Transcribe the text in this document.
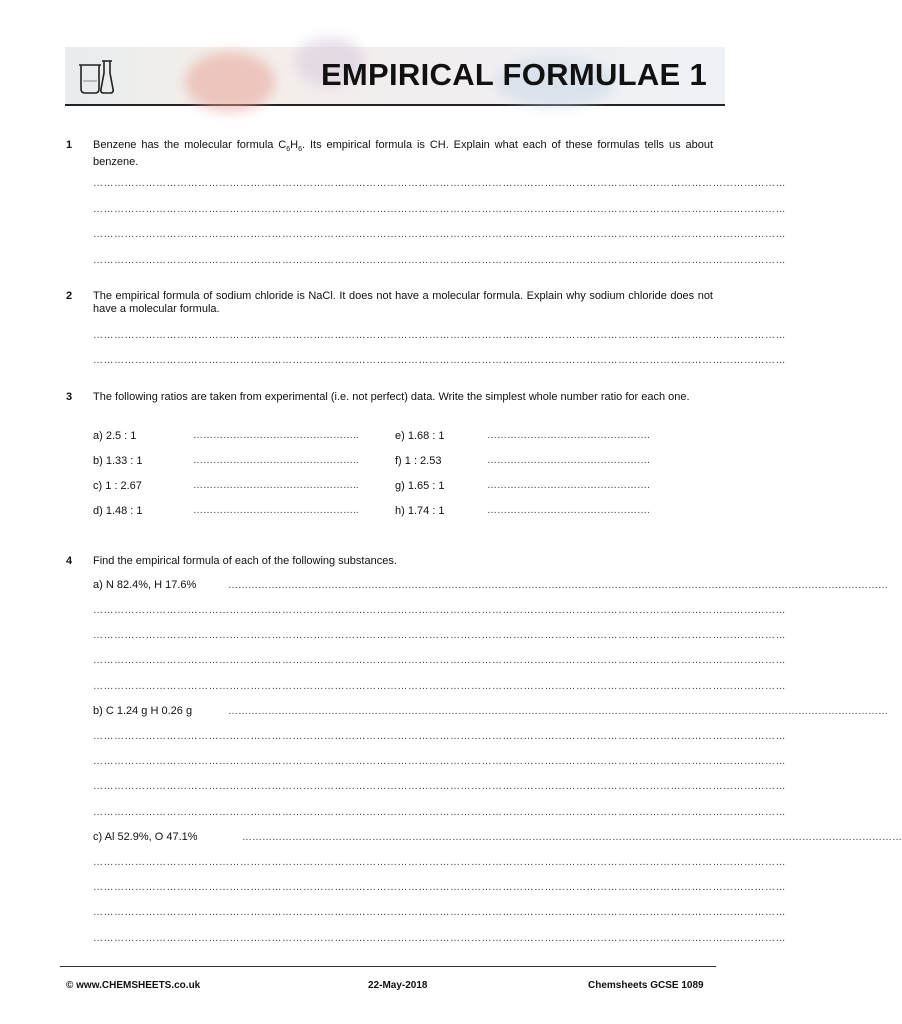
EMPIRICAL FORMULAE 1
1 Benzene has the molecular formula $C_6H_6$. Its empirical formula is CH. Explain what each of these formulas tells us about benzene.
………………………………………………………………………………………………………………………………………………………………………………
………………………………………………………………………………………………………………………………………………………………………………
………………………………………………………………………………………………………………………………………………………………………………
………………………………………………………………………………………………………………………………………………………………………………
2 The empirical formula of sodium chloride is NaCl. It does not have a molecular formula. Explain why sodium chloride does not have a molecular formula.
………………………………………………………………………………………………………………………………………………………………………………
………………………………………………………………………………………………………………………………………………………………………………
3 The following ratios are taken from experimental (i.e. not perfect) data. Write the simplest whole number ratio for each one.
a) 2.5 : 1	…………………………………………..	e) 1.68 : 1	………………………………………….
b) 1.33 : 1	…………………………………………..	f) 1 : 2.53	………………………………………….
c) 1 : 2.67	…………………………………………..	g) 1.65 : 1	………………………………………….
d) 1.48 : 1	…………………………………………..	h) 1.74 : 1	………………………………………….
4 Find the empirical formula of each of the following substances.
a) N 82.4%, H 17.6%	………………………………………………………………………………………………………………………………………………………………………………
………………………………………………………………………………………………………………………………………………………………………………
………………………………………………………………………………………………………………………………………………………………………………
………………………………………………………………………………………………………………………………………………………………………………
………………………………………………………………………………………………………………………………………………………………………………
b) C 1.24 g H 0.26 g	………………………………………………………………………………………………………………………………………………………………………………
………………………………………………………………………………………………………………………………………………………………………………
………………………………………………………………………………………………………………………………………………………………………………
………………………………………………………………………………………………………………………………………………………………………………
………………………………………………………………………………………………………………………………………………………………………………
c) Al 52.9%, O 47.1%	………………………………………………………………………………………………………………………………………………………………………………
………………………………………………………………………………………………………………………………………………………………………………
………………………………………………………………………………………………………………………………………………………………………………
………………………………………………………………………………………………………………………………………………………………………………
………………………………………………………………………………………………………………………………………………………………………………
© www.CHEMSHEETS.co.uk	22-May-2018	Chemsheets GCSE 1089
